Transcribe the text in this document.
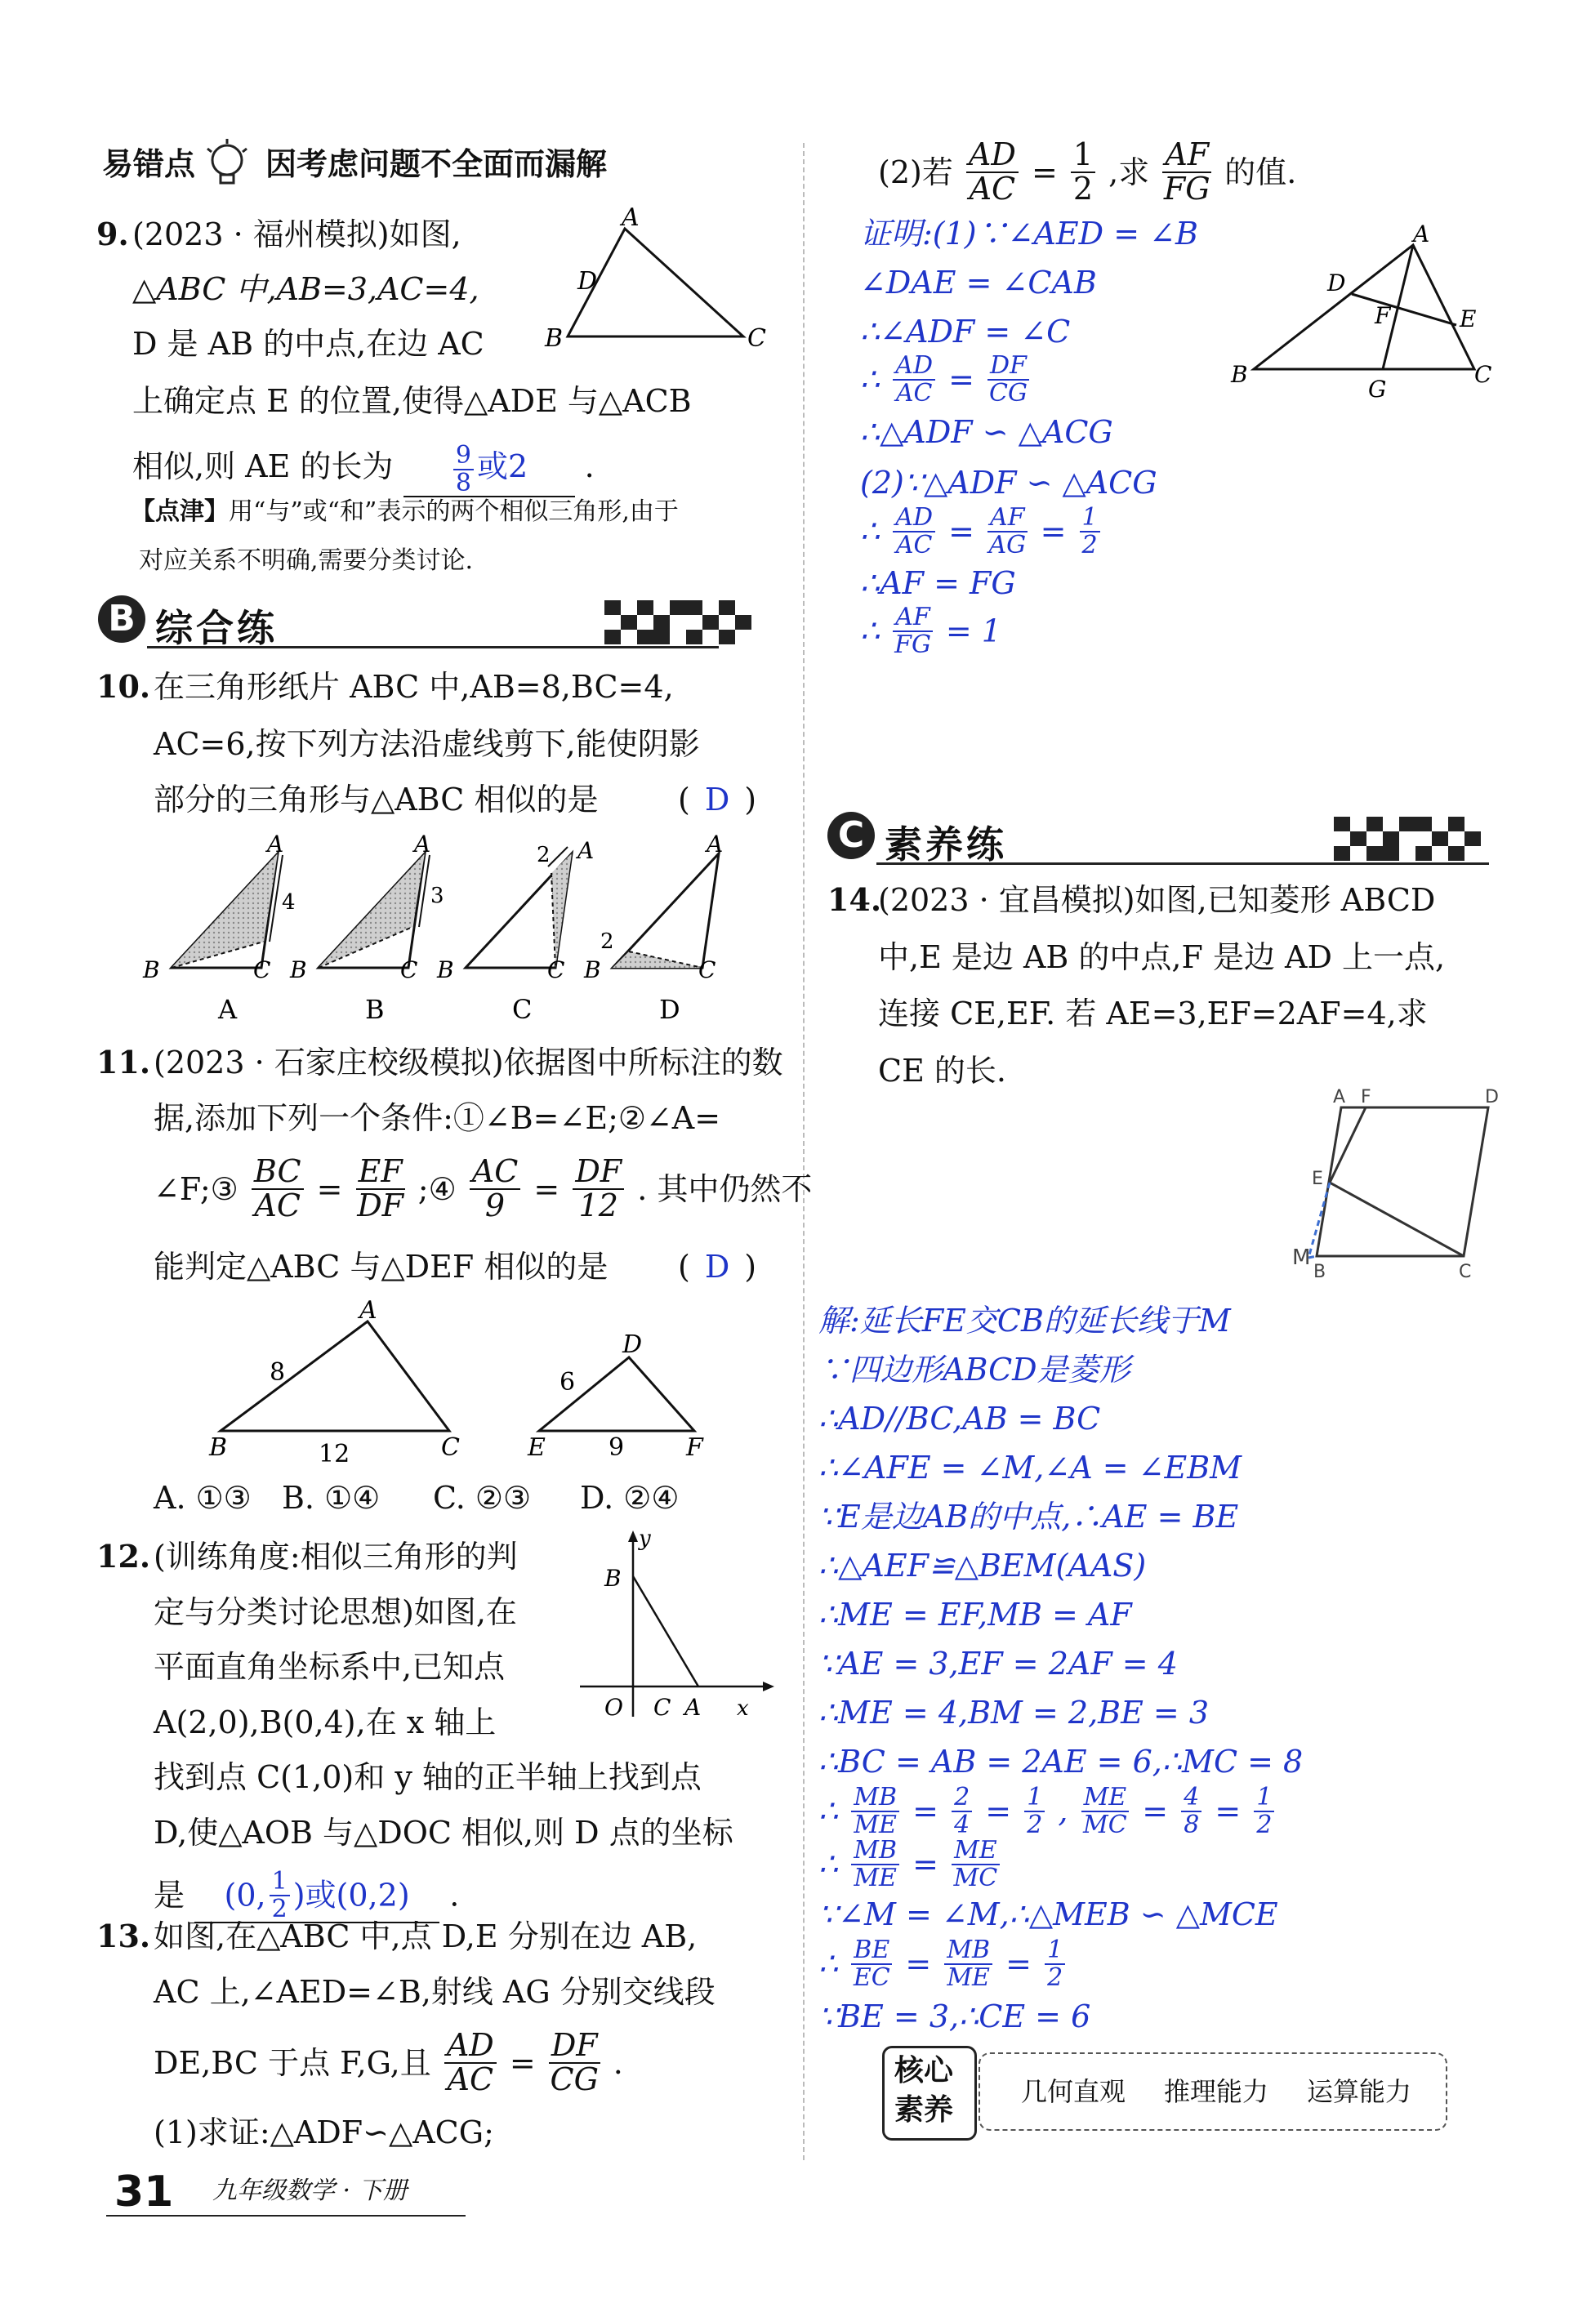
易错点 因考虑问题不全面而漏解
9. (2023 · 福州模拟)如图,
△ABC 中,AB=3,AC=4,
D 是 AB 的中点,在边 AC
上确定点 E 的位置,使得△ADE 与△ACB
相似,则 AE 的长为 $\frac{9}{8}$ 或2 .
A
D
B	C
【点津】 用“与”或“和”表示的两个相似三角形,由于
对应关系不明确,需要分类讨论.
B 综合练
10. 在三角形纸片 ABC 中,AB=8,BC=4,
AC=6,按下列方法沿虚线剪下,能使阴影
部分的三角形与△ABC 相似的是	( D )
A
B	C
4
A
A
B	C
3
B
A
B	C
2
C
A
B	C
2
D
11. (2023 · 石家庄校级模拟)依据图中所标注的数
据,添加下列一个条件:①∠B=∠E;②∠A=
∠F;③ $\frac{BC}{AC} = \frac{EF}{DF}$ ;④ $\frac{AC}{9} = \frac{DF}{12}$ . 其中仍然不
能判定△ABC 与△DEF 相似的是 ( D )
A
B	C
8
12
D
E	F
6
9
A. ①③ B. ①④ C. ②③ D. ②④
12. (训练角度:相似三角形的判
定与分类讨论思想)如图,在
平面直角坐标系中,已知点
A(2,0),B(0,4),在 x 轴上
找到点 C(1,0)和 y 轴的正半轴上找到点
D,使△AOB 与△DOC 相似,则 D 点的坐标
是 (0, $\frac{1}{2}$ )或(0,2) .
y
B
O C A x
13. 如图,在△ABC 中,点 D,E 分别在边 AB,
AC 上,∠AED=∠B,射线 AG 分别交线段
DE,BC 于点 F,G,且 $\frac{AD}{AC} = \frac{DF}{CG}$ .
(1)求证:△ADF∽△ACG;
(2)若 $\frac{AD}{AC} = \frac{1}{2}$ ,求 $\frac{AF}{FG}$ 的值.
证明:(1)∵∠AED = ∠B
∠DAE = ∠CAB
∴∠ADF = ∠C
∴ $\frac{AD}{AC} = \frac{DF}{CG}$
∴△ADF ∽ △ACG
(2)∵△ADF ∽ △ACG
∴ $\frac{AD}{AC} = \frac{AF}{AG} = \frac{1}{2}$
∴AF = FG
∴ $\frac{AF}{FG} = 1$
A
B	C
D
E
F
G
C 素养练
14.
(2023 · 宜昌模拟)如图,已知菱形 ABCD
中,E 是边 AB 的中点,F 是边 AD 上一点,
连接 CE,EF. 若 AE=3,EF=2AF=4,求
CE 的长.
A F	D
E
M
B	C
解:延长FE交CB的延长线于M
∵四边形ABCD是菱形
∴AD//BC,AB = BC
∴∠AFE = ∠M,∠A = ∠EBM
∵E是边AB的中点,∴AE = BE
∴△AEF≌△BEM(AAS)
∴ME = EF,MB = AF
∵AE = 3,EF = 2AF = 4
∴ME = 4,BM = 2,BE = 3
∴BC = AB = 2AE = 6,∴MC = 8
∴ $\frac{MB}{ME} = \frac{2}{4} = \frac{1}{2}$ , $\frac{ME}{MC} = \frac{4}{8} = \frac{1}{2}$
∴ $\frac{MB}{ME} = \frac{ME}{MC}$
∵∠M = ∠M,∴△MEB ∽ △MCE
∴ $\frac{BE}{EC} = \frac{MB}{ME} = \frac{1}{2}$
∵BE = 3,∴CE = 6
核心
素养
几何直观 推理能力 运算能力
31 九年级数学 · 下册
